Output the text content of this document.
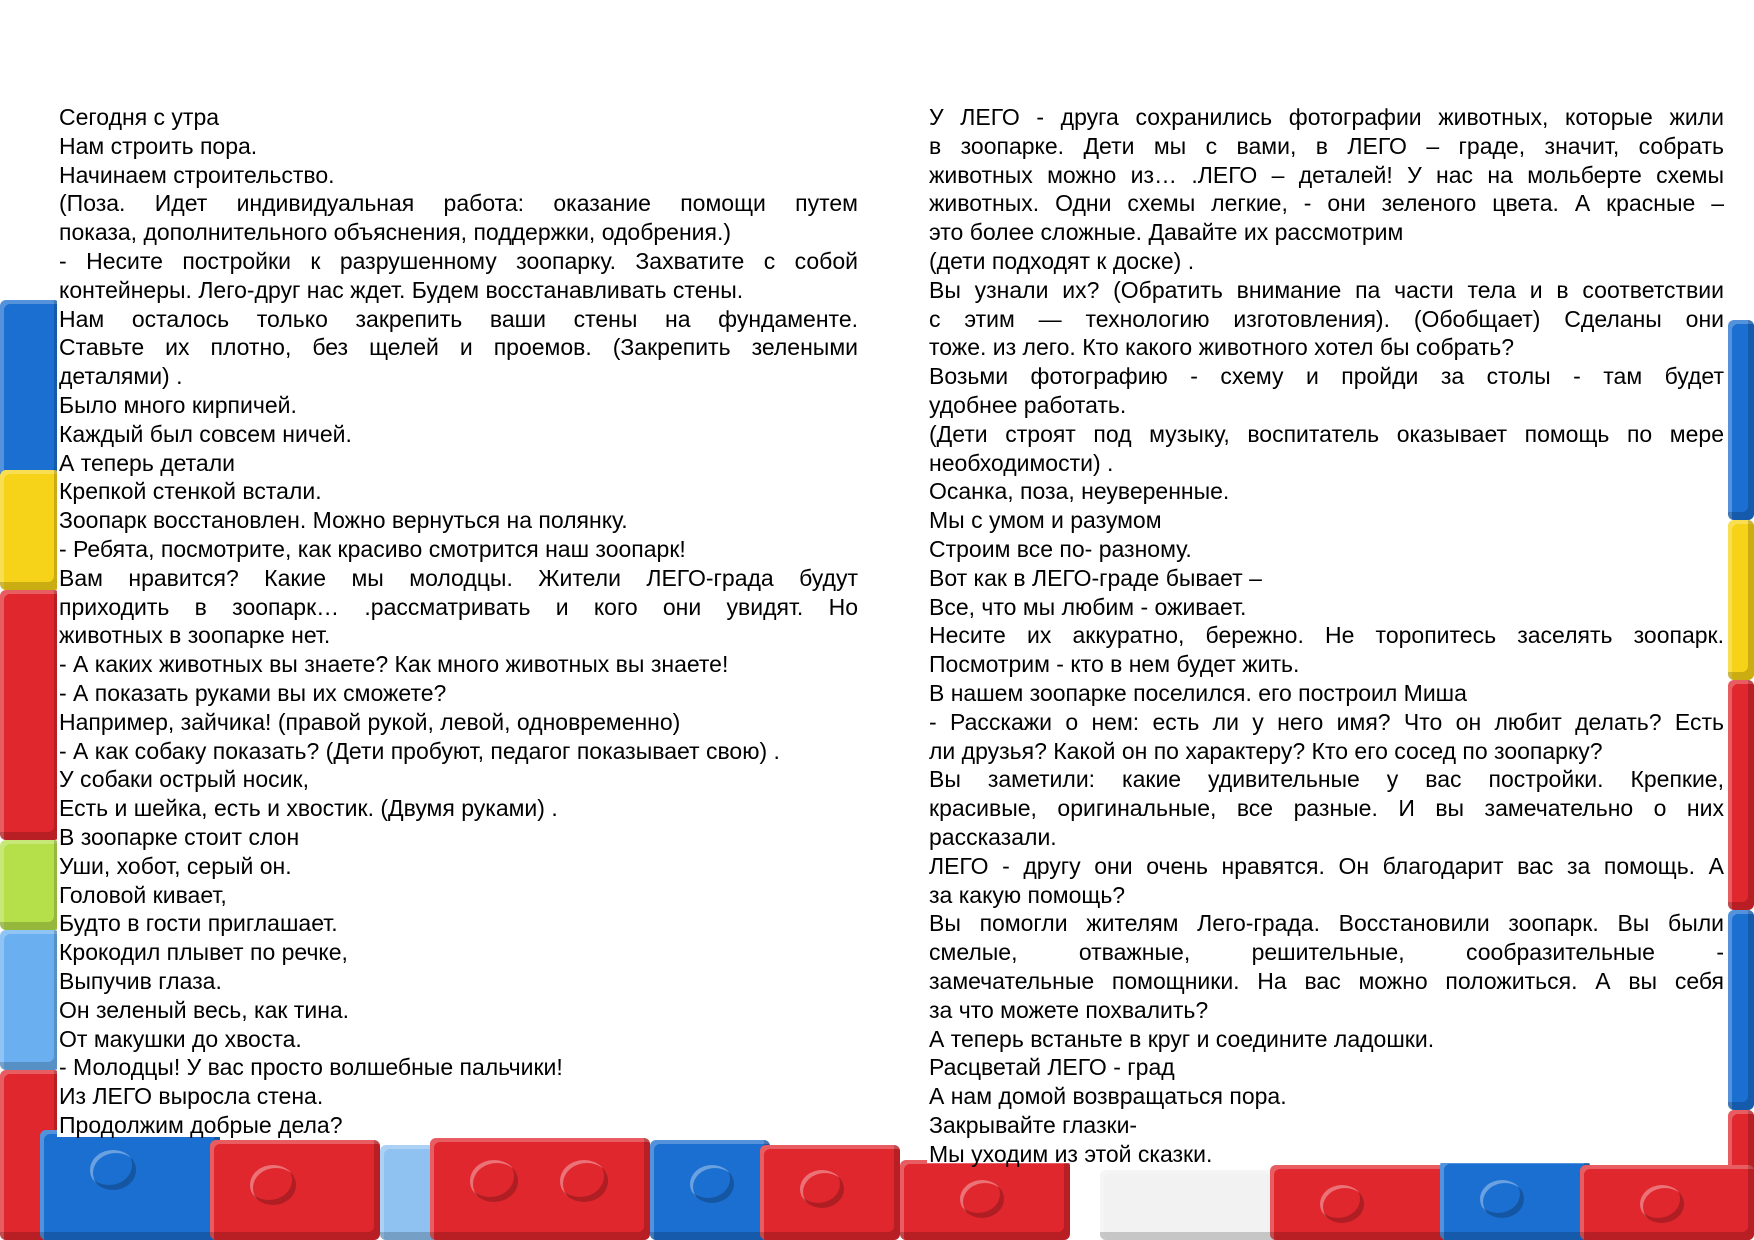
Сегодня с утра

Нам строить пора.

Начинаем строительство.

(Поза. Идет индивидуальная работа: оказание помощи путем

показа, дополнительного объяснения, поддержки, одобрения.)

- Несите постройки к разрушенному зоопарку. Захватите с собой

контейнеры. Лего-друг нас ждет. Будем восстанавливать стены.

Нам осталось только закрепить ваши стены на фундаменте.

Ставьте их плотно, без щелей и проемов. (Закрепить зелеными

деталями) .

Было много кирпичей.

Каждый был совсем ничей.

А теперь детали

Крепкой стенкой встали.

Зоопарк восстановлен. Можно вернуться на полянку.

- Ребята, посмотрите, как красиво смотрится наш зоопарк!

Вам нравится? Какие мы молодцы. Жители ЛЕГО-града будут

приходить в зоопарк… .рассматривать и кого они увидят. Но

животных в зоопарке нет.

- А каких животных вы знаете? Как много животных вы знаете!

- А показать руками вы их сможете?

Например, зайчика! (правой рукой, левой, одновременно)

- А как собаку показать? (Дети пробуют, педагог показывает свою) .

У собаки острый носик,

Есть и шейка, есть и хвостик. (Двумя руками) .

В зоопарке стоит слон

Уши, хобот, серый он.

Головой кивает,

Будто в гости приглашает.

Крокодил плывет по речке,

Выпучив глаза.

Он зеленый весь, как тина.

От макушки до хвоста.

- Молодцы! У вас просто волшебные пальчики!

Из ЛЕГО выросла стена.

Продолжим добрые дела?

У ЛЕГО - друга сохранились фотографии животных, которые жили

в зоопарке. Дети мы с вами, в ЛЕГО – граде, значит, собрать

животных можно из… .ЛЕГО – деталей! У нас на мольберте схемы

животных. Одни схемы легкие, - они зеленого цвета. А красные –

это более сложные. Давайте их рассмотрим

(дети подходят к доске) .

Вы узнали их? (Обратить внимание па части тела и в соответствии

с этим — технологию изготовления). (Обобщает) Сделаны они

тоже. из лего. Кто какого животного хотел бы собрать?

Возьми фотографию - схему и пройди за столы - там будет

удобнее работать.

(Дети строят под музыку, воспитатель оказывает помощь по мере

необходимости) .

Осанка, поза, неуверенные.

Мы с умом и разумом

Строим все по- разному.

Вот как в ЛЕГО-граде бывает –

Все, что мы любим - оживает.

Несите их аккуратно, бережно. Не торопитесь заселять зоопарк.

Посмотрим - кто в нем будет жить.

В нашем зоопарке поселился. его построил Миша

- Расскажи о нем: есть ли у него имя? Что он любит делать? Есть

ли друзья? Какой он по характеру? Кто его сосед по зоопарку?

Вы заметили: какие удивительные у вас постройки. Крепкие,

красивые, оригинальные, все разные. И вы замечательно о них

рассказали.

ЛЕГО - другу они очень нравятся. Он благодарит вас за помощь. А

за какую помощь?

Вы помогли жителям Лего-града. Восстановили зоопарк. Вы были

смелые, отважные, решительные, сообразительные -

замечательные помощники. На вас можно положиться. А вы себя

за что можете похвалить?

А теперь встаньте в круг и соедините ладошки.

Расцветай ЛЕГО - град

А нам домой возвращаться пора.

Закрывайте глазки-

Мы уходим из этой сказки.
